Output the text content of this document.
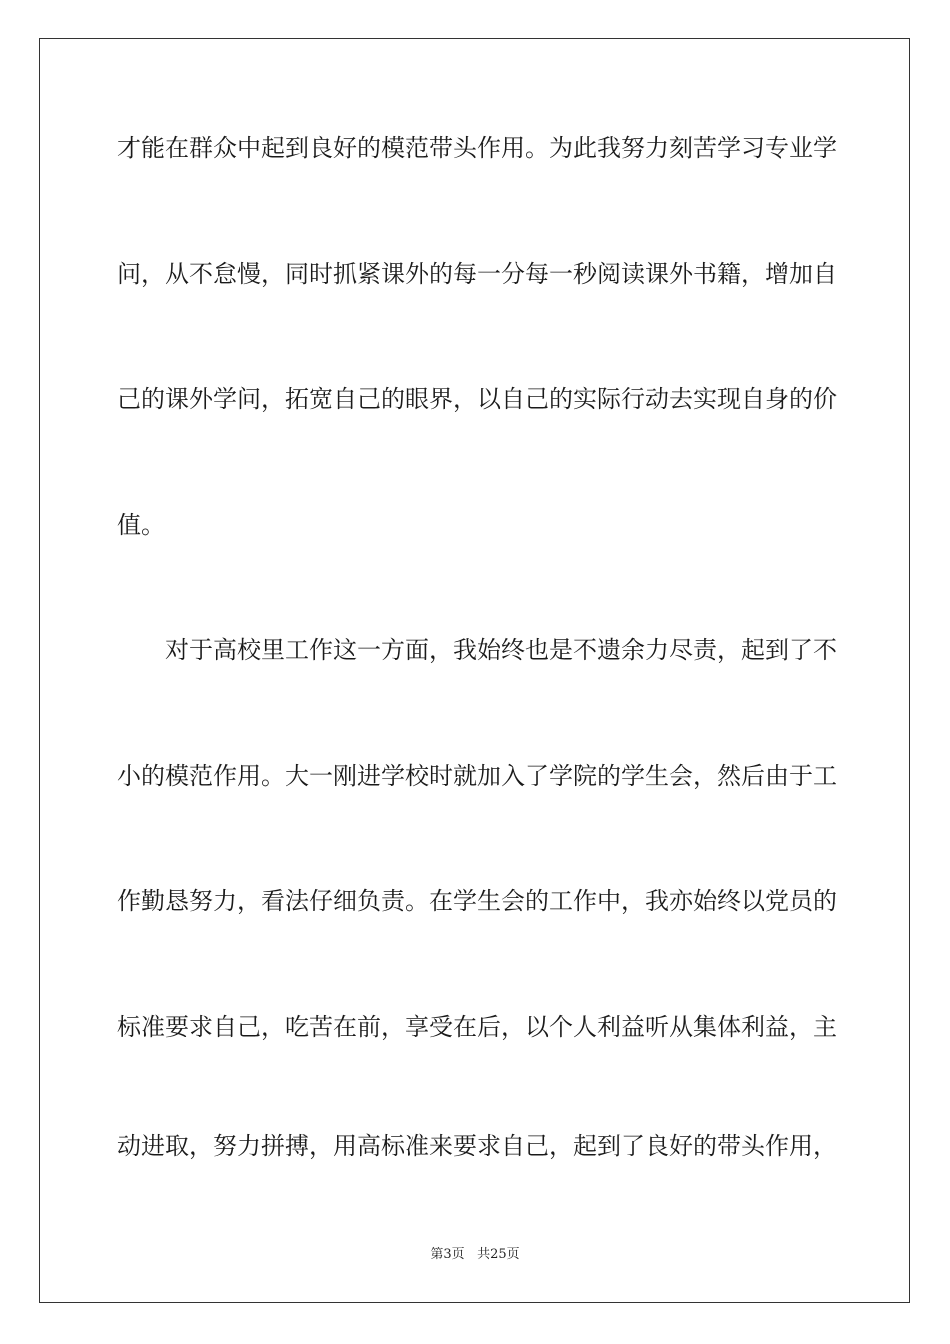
才能在群众中起到良好的模范带头作用。为此我努力刻苦学习专业学
问，从不怠慢，同时抓紧课外的每一分每一秒阅读课外书籍，增加自
己的课外学问，拓宽自己的眼界，以自己的实际行动去实现自身的价
值。
对于高校里工作这一方面，我始终也是不遗余力尽责，起到了不
小的模范作用。大一刚进学校时就加入了学院的学生会，然后由于工
作勤恳努力，看法仔细负责。在学生会的工作中，我亦始终以党员的
标准要求自己，吃苦在前，享受在后，以个人利益听从集体利益，主
动进取，努力拼搏，用高标准来要求自己，起到了良好的带头作用，
第3页 共25页
